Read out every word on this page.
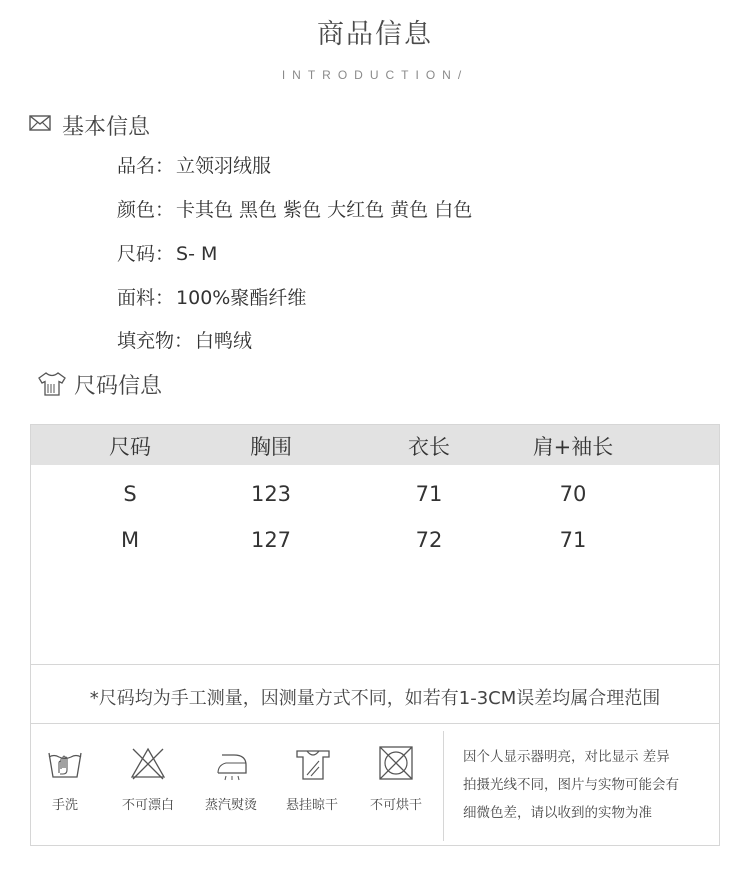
商品信息
INTRODUCTION/
基本信息
品名： 立领羽绒服
颜色： 卡其色 黑色 紫色 大红色 黄色 白色
尺码： S- M
面料： 100%聚酯纤维
填充物： 白鸭绒
尺码信息
尺码	胸围	衣长	肩+袖长
S	123	71	70
M	127	72	71
*尺码均为手工测量，因测量方式不同，如若有1-3CM误差均属合理范围
手洗	不可漂白	蒸汽熨烫	悬挂晾干	不可烘干
因个人显示器明亮，对比显示 差异
拍摄光线不同，图片与实物可能会有
细微色差，请以收到的实物为准
